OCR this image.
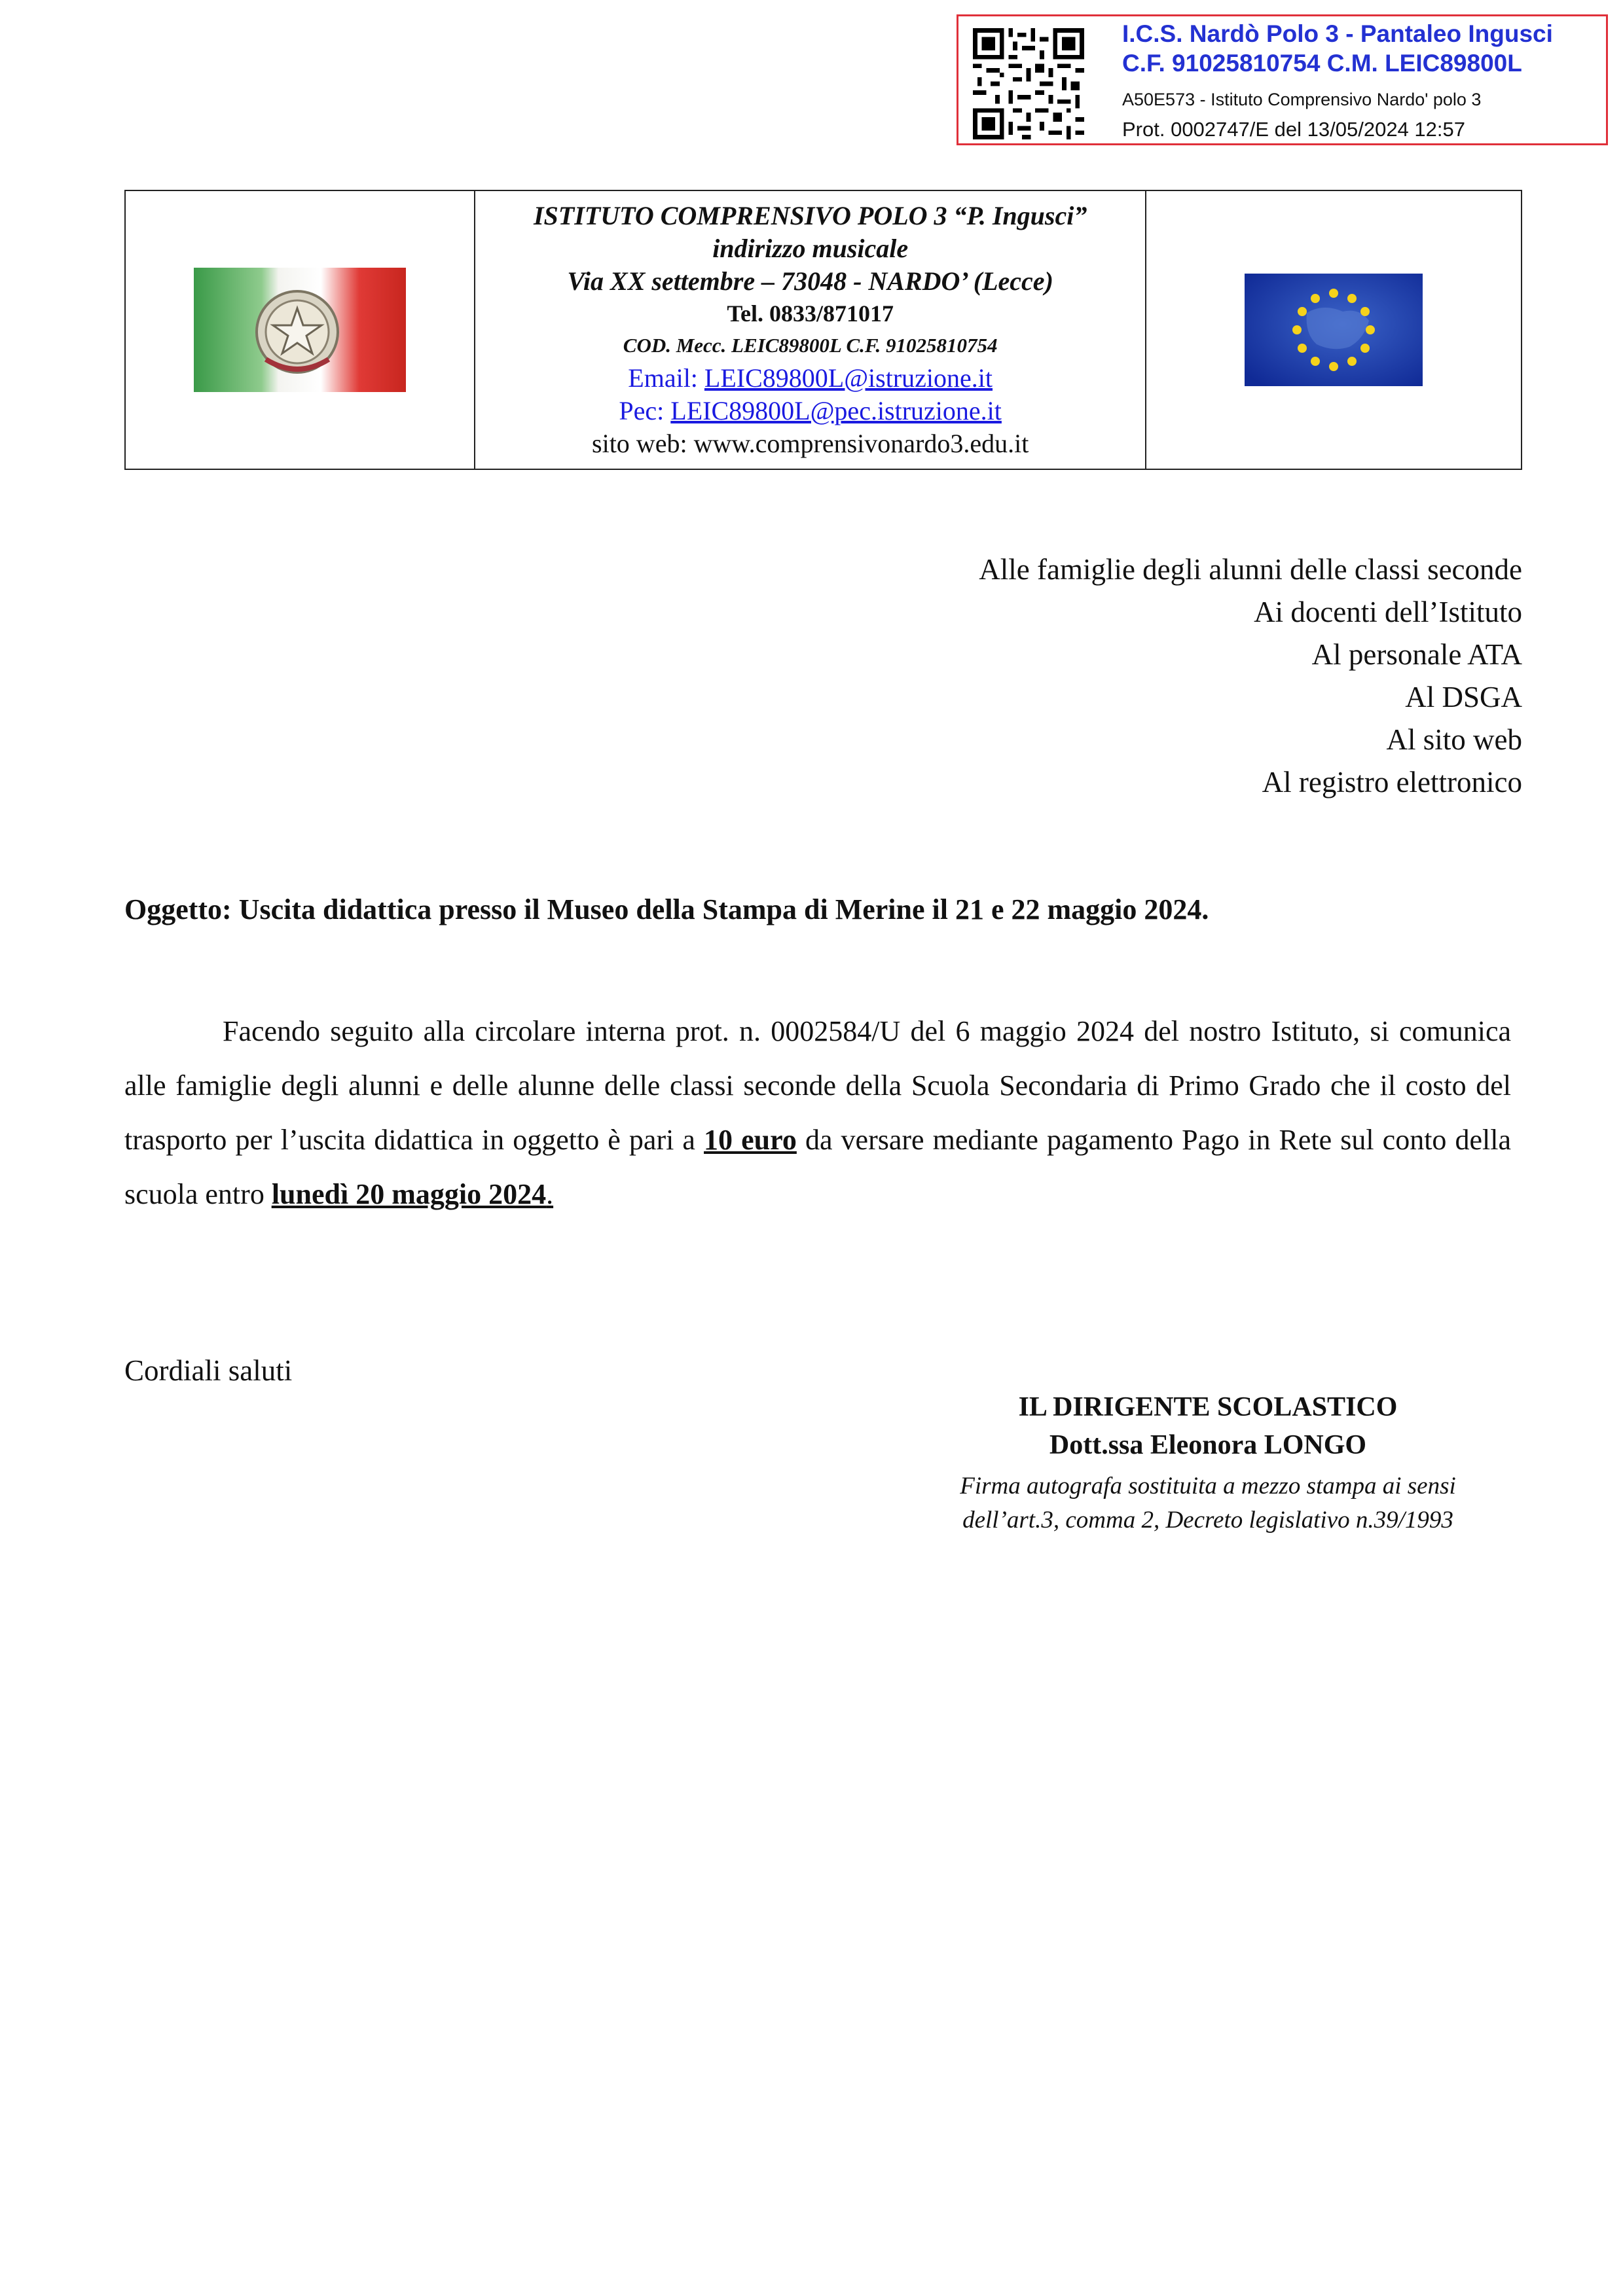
I.C.S. Nardò Polo 3 - Pantaleo Ingusci
C.F. 91025810754 C.M. LEIC89800L
A50E573 - Istituto Comprensivo Nardo' polo 3
Prot. 0002747/E del 13/05/2024 12:57

ISTITUTO COMPRENSIVO POLO 3 “P. Ingusci”
indirizzo musicale
Via XX settembre – 73048 - NARDO’ (Lecce)
Tel. 0833/871017
COD. Mecc. LEIC89800L C.F. 91025810754
Email: LEIC89800L@istruzione.it
Pec: LEIC89800L@pec.istruzione.it
sito web: www.comprensivonardo3.edu.it

Alle famiglie degli alunni delle classi seconde
Ai docenti dell’Istituto
Al personale ATA
Al DSGA
Al sito web
Al registro elettronico
Oggetto: Uscita didattica presso il Museo della Stampa di Merine il 21 e 22 maggio 2024.
Facendo seguito alla circolare interna prot. n. 0002584/U del 6 maggio 2024 del nostro Istituto, si comunica alle famiglie degli alunni e delle alunne delle classi seconde della Scuola Secondaria di Primo Grado che il costo del trasporto per l’uscita didattica in oggetto è pari a 10 euro da versare mediante pagamento Pago in Rete sul conto della scuola entro lunedì 20 maggio 2024.
Cordiali saluti
IL DIRIGENTE SCOLASTICO
Dott.ssa Eleonora LONGO
Firma autografa sostituita a mezzo stampa ai sensi dell’art.3, comma 2, Decreto legislativo n.39/1993
